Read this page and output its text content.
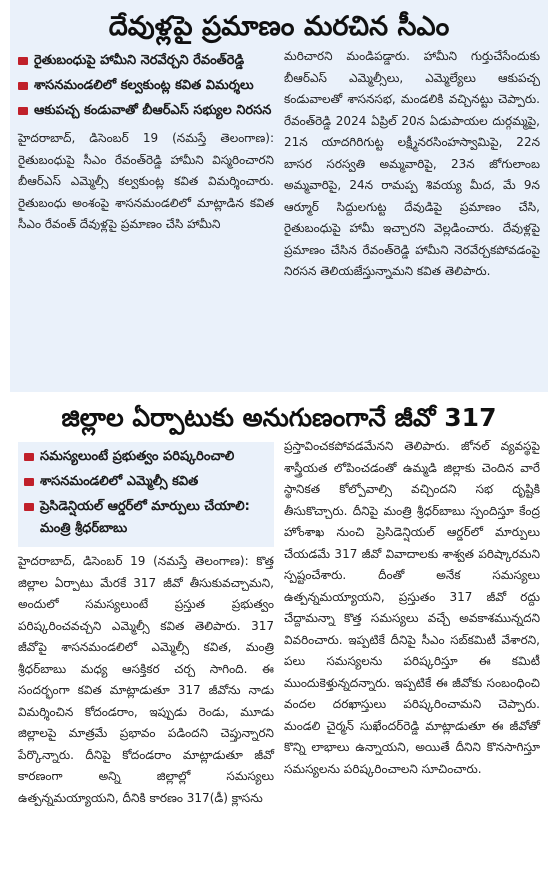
దేవుళ్లపై ప్రమాణం మరచిన సీఎం
రైతుబంధుపై హామీని నెరవేర్చని రేవంత్‌రెడ్డి
శాసనమండలిలో కల్వకుంట్ల కవిత విమర్శలు
ఆకుపచ్చ కండువాతో బీఆర్‌ఎస్ సభ్యుల నిరసన

హైదరాబాద్, డిసెంబర్ 19 (నమస్తే తెలంగాణ): రైతుబంధుపై సీఎం రేవంత్‌రెడ్డి హామీని విస్మరించారని బీఆర్‌ఎస్ ఎమ్మెల్సీ కల్వకుంట్ల కవిత విమర్శించారు. రైతుబంధు అంశంపై శాసనమండలిలో మాట్లాడిన కవిత సీఎం రేవంత్ దేవుళ్లపై ప్రమాణం చేసి హామీని

మరిచారని మండిపడ్డారు. హామీని గుర్తుచేసేందుకు బీఆర్‌ఎస్ ఎమ్మెల్సీలు, ఎమ్మెల్యేలు ఆకుపచ్చ కండువాలతో శాసనసభ, మండలికి వచ్చినట్టు చెప్పారు. రేవంత్‌రెడ్డి 2024 ఏప్రిల్ 20న ఏడుపాయల దుర్గమ్మపై, 21న యాదగిరిగుట్ట లక్ష్మీనరసింహస్వామిపై, 22న బాసర సరస్వతి అమ్మవారిపై, 23న జోగులాంబ అమ్మవారిపై, 24న రామప్ప శివయ్య మీద, మే 9న ఆర్మూర్ సిద్దులగుట్ట దేవుడిపై ప్రమాణం చేసి, రైతుబంధుపై హామీ ఇచ్చారని వెల్లడించారు. దేవుళ్లపై ప్రమాణం చేసిన రేవంత్‌రెడ్డి హామీని నెరవేర్చకపోవడంపై నిరసన తెలియజేస్తున్నామని కవిత తెలిపారు.

జిల్లాల ఏర్పాటుకు అనుగుణంగానే జీవో 317
సమస్యలుంటే ప్రభుత్వం పరిష్కరించాలి
శాసనమండలిలో ఎమ్మెల్సీ కవిత
ప్రెసిడెన్షియల్ ఆర్డర్‌లో మార్పులు చేయాలి: మంత్రి శ్రీధర్‌బాబు

హైదరాబాద్, డిసెంబర్ 19 (నమస్తే తెలంగాణ): కొత్త జిల్లాల ఏర్పాటు మేరకే 317 జీవో తీసుకువచ్చామని, అందులో సమస్యలుంటే ప్రస్తుత ప్రభుత్వం పరిష్కరించవచ్చని ఎమ్మెల్సీ కవిత తెలిపారు. 317 జీవోపై శాసనమండలిలో ఎమ్మెల్సీ కవిత, మంత్రి శ్రీధర్‌బాబు మధ్య ఆసక్తికర చర్చ సాగింది. ఈ సందర్భంగా కవిత మాట్లాడుతూ 317 జీవోను నాడు విమర్శించిన కోదండరాం, ఇప్పుడు రెండు, మూడు జిల్లాలపై మాత్రమే ప్రభావం పడిందని చెప్తున్నారని పేర్కొన్నారు. దీనిపై కోదండరాం మాట్లాడుతూ జీవో కారణంగా అన్ని జిల్లాల్లో సమస్యలు ఉత్పన్నమయ్యాయని, దీనికి కారణం 317(డీ) క్లాసను

ప్రస్తావించకపోవడమేనని తెలిపారు. జోనల్ వ్యవస్థపై శాస్త్రీయత లోపించడంతో ఉమ్మడి జిల్లాకు చెందిన వారే స్థానికత కోల్పోవాల్సి వచ్చిందని సభ దృష్టికి తీసుకొచ్చారు. దీనిపై మంత్రి శ్రీధర్‌బాబు స్పందిస్తూ కేంద్ర హోంశాఖ నుంచి ప్రెసిడెన్షియల్ ఆర్డర్‌లో మార్పులు చేయడమే 317 జీవో వివాదాలకు శాశ్వత పరిష్కారమని స్పష్టంచేశారు. దీంతో అనేక సమస్యలు ఉత్పన్నమయ్యాయని, ప్రస్తుతం 317 జీవో రద్దు చేద్దామన్నా కొత్త సమస్యలు వచ్చే అవకాశమున్నదని వివరించారు. ఇప్పటికే దీనిపై సీఎం సబ్‌కమిటీ వేశారని, పలు సమస్యలను పరిష్కరిస్తూ ఈ కమిటీ ముందుకెళ్తున్నదన్నారు. ఇప్పటికే ఈ జీవోకు సంబంధించి వందల దరఖాస్తులు పరిష్కరించామని చెప్పారు. మండలి చైర్మన్ సుఖేందర్‌రెడ్డి మాట్లాడుతూ ఈ జీవోతో కొన్ని లాభాలు ఉన్నాయని, అయితే దీనిని కొనసాగిస్తూ సమస్యలను పరిష్కరించాలని సూచించారు.
